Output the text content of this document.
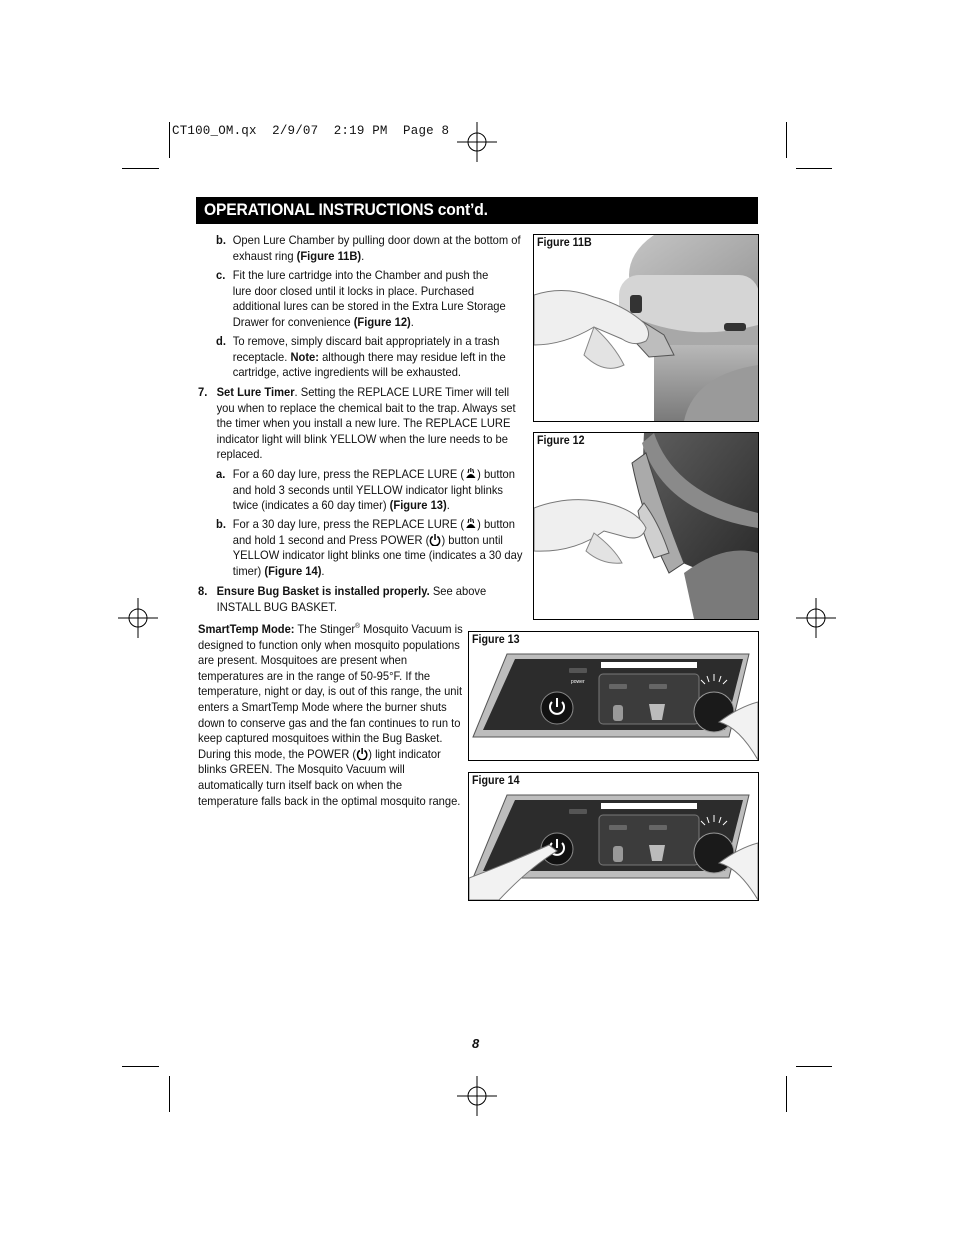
CT100_OM.qx  2/9/07  2:19 PM  Page 8
OPERATIONAL INSTRUCTIONS cont’d.
b. Open Lure Chamber by pulling door down at the bottom of exhaust ring (Figure 11B).
c. Fit the lure cartridge into the Chamber and push the lure door closed until it locks in place. Purchased additional lures can be stored in the Extra Lure Storage Drawer for convenience (Figure 12).
d. To remove, simply discard bait appropriately in a trash receptacle. Note: although there may residue left in the cartridge, active ingredients will be exhausted.
7. Set Lure Timer. Setting the REPLACE LURE Timer will tell you when to replace the chemical bait to the trap. Always set the timer when you install a new lure. The REPLACE LURE indicator light will blink YELLOW when the lure needs to be replaced.
a. For a 60 day lure, press the REPLACE LURE ( ) button and hold 3 seconds until YELLOW indicator light blinks twice (indicates a 60 day timer) (Figure 13).
b. For a 30 day lure, press the REPLACE LURE ( ) button and hold 1 second and Press POWER ( ) button until YELLOW indicator light blinks one time (indicates a 30 day timer) (Figure 14).
8. Ensure Bug Basket is installed properly. See above INSTALL BUG BASKET.
SmartTemp Mode: The Stinger® Mosquito Vacuum is designed to function only when mosquito populations are present. Mosquitoes are present when temperatures are in the range of 50-95°F. If the temperature, night or day, is out of this range, the unit enters a SmartTemp Mode where the burner shuts down to conserve gas and the fan continues to run to keep captured mosquitoes within the Bug Basket. During this mode, the POWER ( ) light indicator blinks GREEN. The Mosquito Vacuum will automatically turn itself back on when the temperature falls back in the optimal mosquito range.
Figure 11B
Figure 12
Figure 13
power
Figure 14
8
